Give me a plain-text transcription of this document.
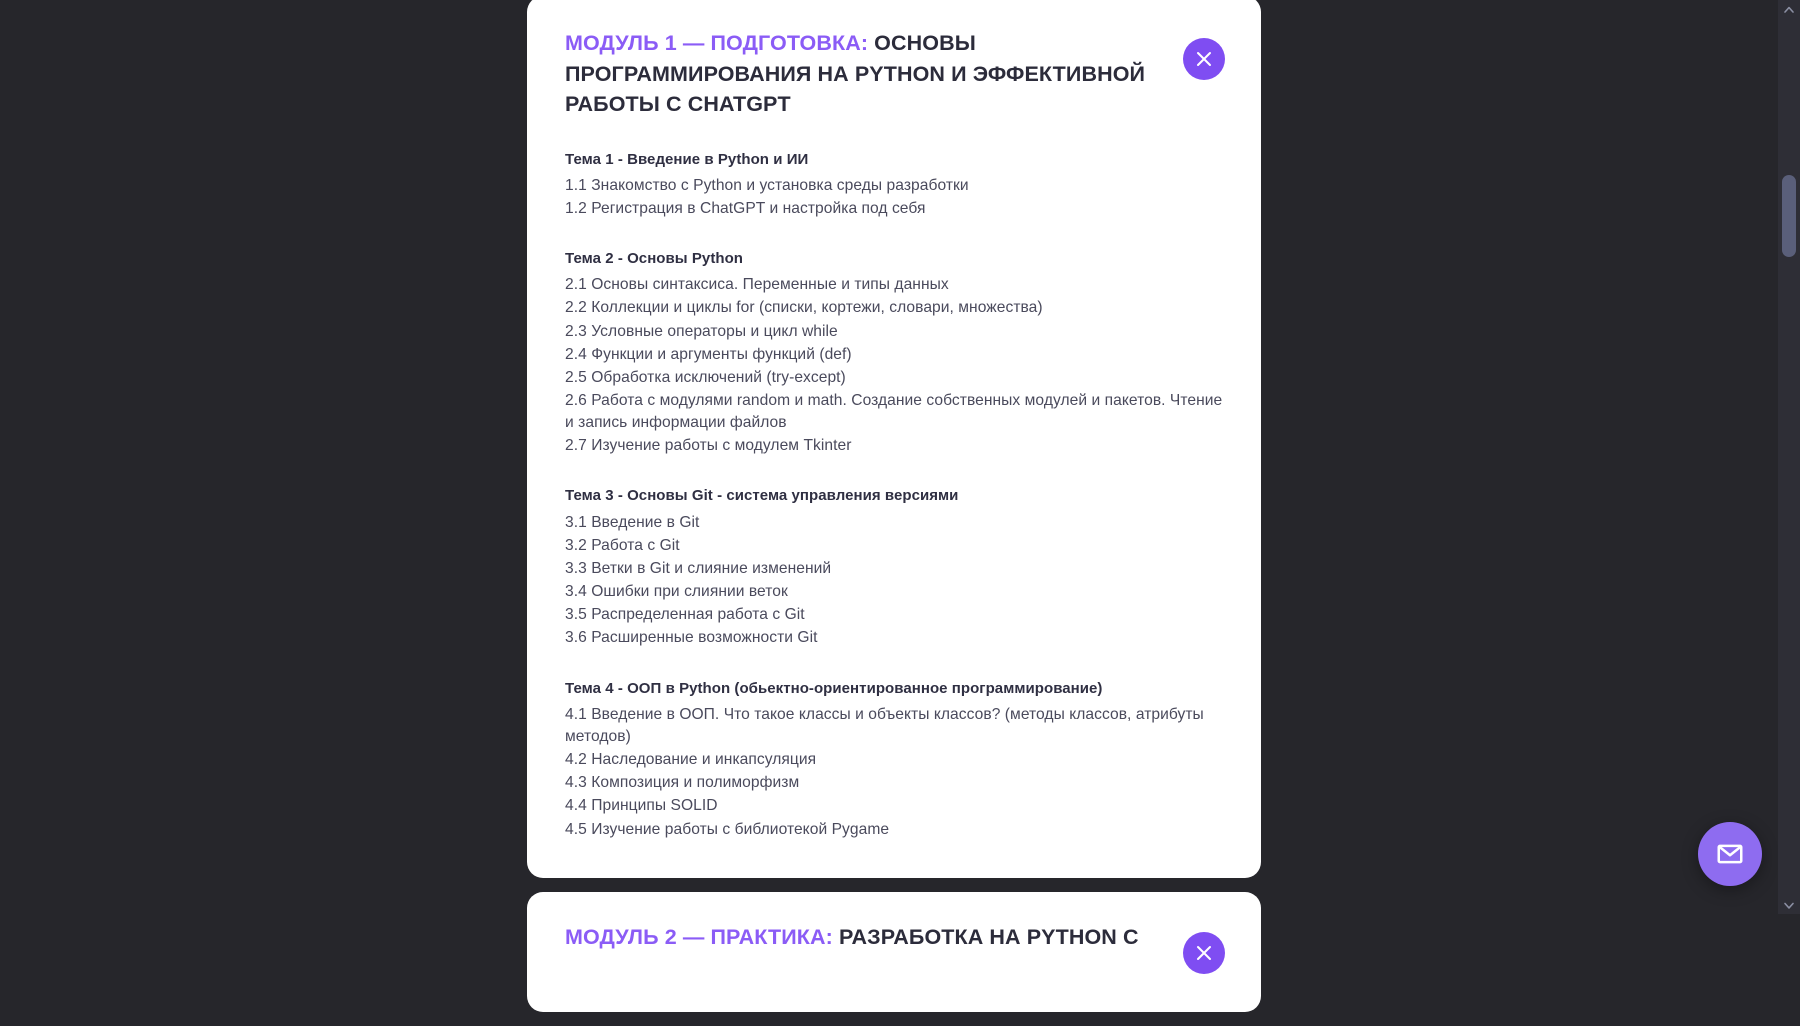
МОДУЛЬ 1 — ПОДГОТОВКА: ОСНОВЫ ПРОГРАММИРОВАНИЯ НА PYTHON И ЭФФЕКТИВНОЙ РАБОТЫ С CHATGPT
Тема 1 - Введение в Python и ИИ
1.1 Знакомство с Python и установка среды разработки
1.2 Регистрация в ChatGPT и настройка под себя
Тема 2 - Основы Python
2.1 Основы синтаксиса. Переменные и типы данных
2.2 Коллекции и циклы for (списки, кортежи, словари, множества)
2.3 Условные операторы и цикл while
2.4 Функции и аргументы функций (def)
2.5 Обработка исключений (try-except)
2.6 Работа с модулями random и math. Создание собственных модулей и пакетов. Чтение и запись информации файлов
2.7 Изучение работы с модулем Tkinter
Тема 3 - Основы Git - система управления версиями
3.1 Введение в Git
3.2 Работа с Git
3.3 Ветки в Git и слияние изменений
3.4 Ошибки при слиянии веток
3.5 Распределенная работа с Git
3.6 Расширенные возможности Git
Тема 4 - ООП в Python (обьектно-ориентированное программирование)
4.1 Введение в ООП. Что такое классы и объекты классов? (методы классов, атрибуты методов)
4.2 Наследование и инкапсуляция
4.3 Композиция и полиморфизм
4.4 Принципы SOLID
4.5 Изучение работы с библиотекой Pygame
МОДУЛЬ 2 — ПРАКТИКА: РАЗРАБОТКА НА PYTHON С
